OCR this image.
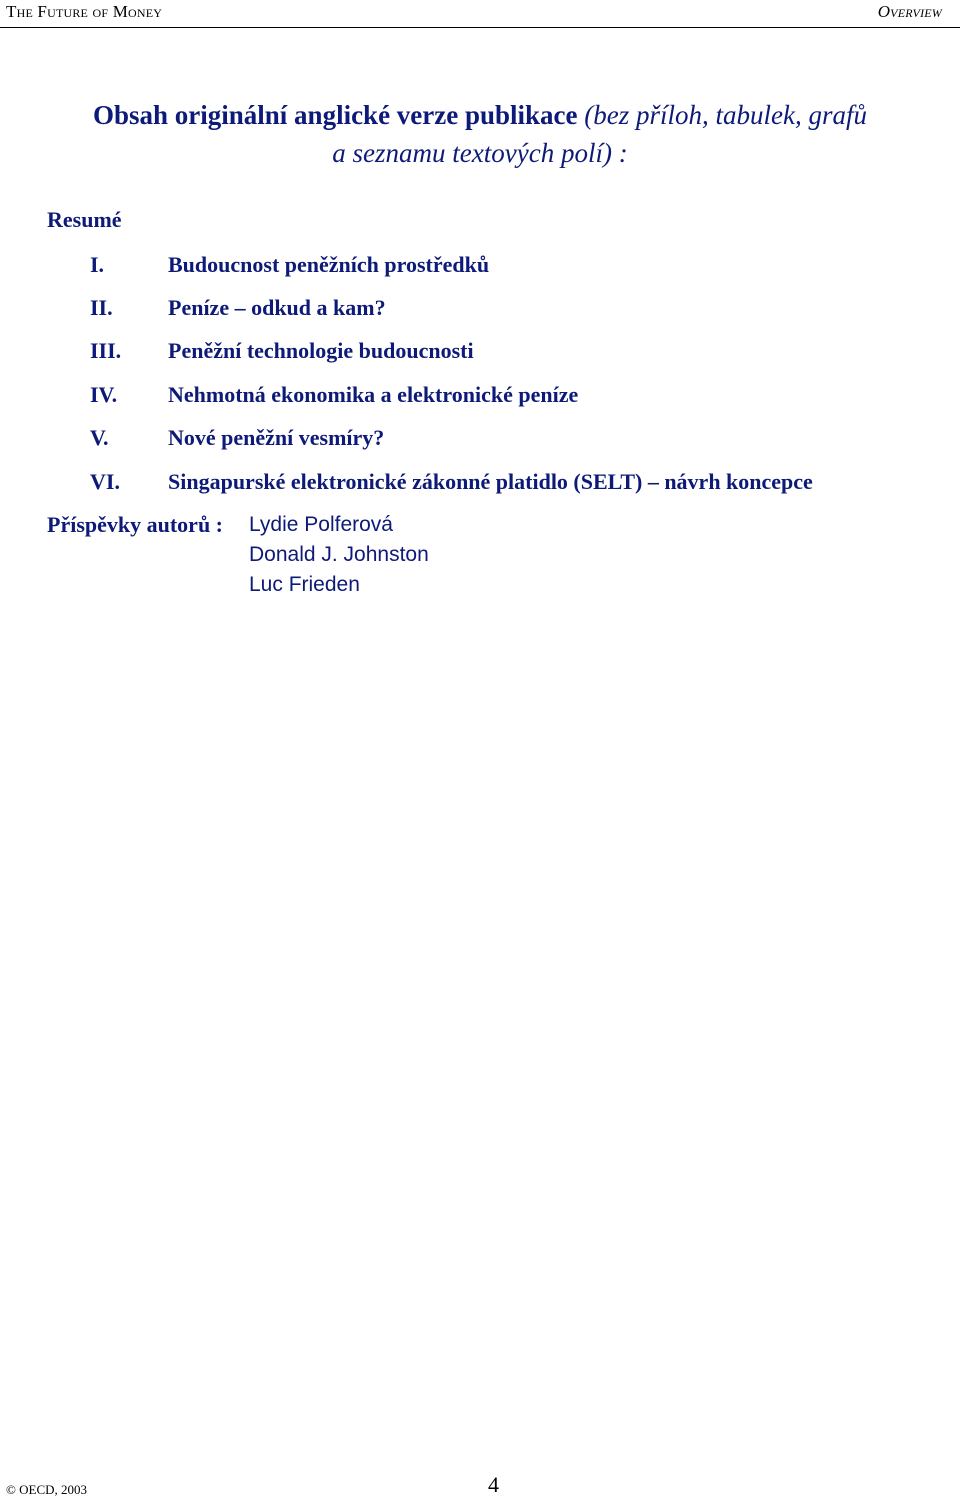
The Future of Money	Overview
Obsah originální anglické verze publikace (bez příloh, tabulek, grafů
a seznamu textových polí) :
Resumé
I.	Budoucnost peněžních prostředků
II.	Peníze – odkud a kam?
III. Peněžní technologie budoucnosti
IV. Nehmotná ekonomika a elektronické peníze
V.	Nové peněžní vesmíry?
VI. Singapurské elektronické zákonné platidlo (SELT) – návrh koncepce
Příspěvky autorů : Lydie Polferová
Donald J. Johnston
Luc Frieden
© OECD, 2003	4
